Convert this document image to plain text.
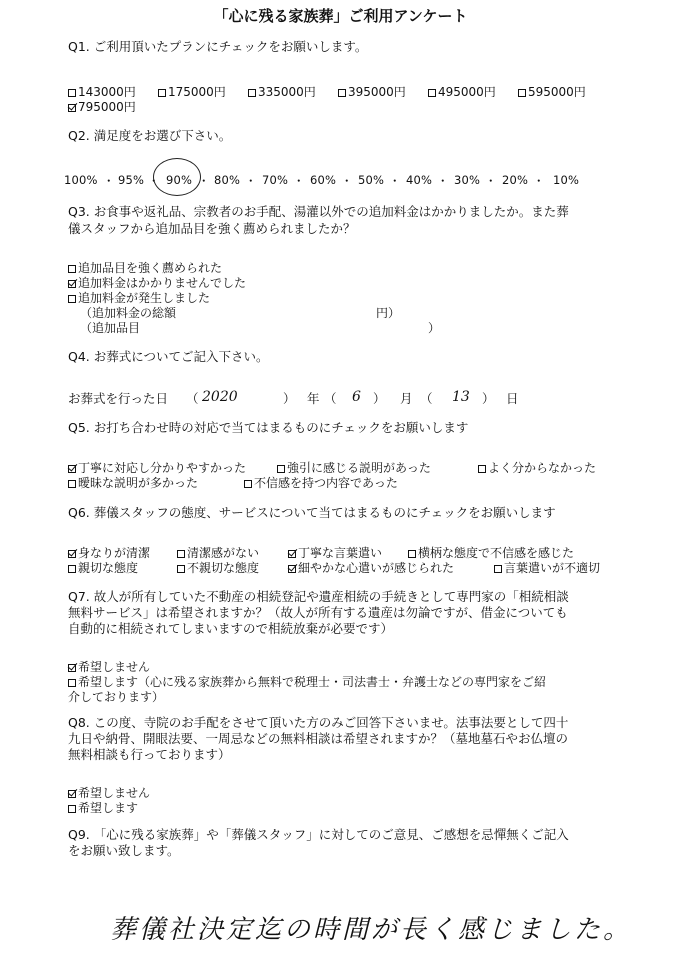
「心に残る家族葬」ご利用アンケート
Q1. ご利用頂いたプランにチェックをお願いします。
143000円	175000円	335000円	395000円	495000円	595000円
795000円
Q2. 満足度をお選び下さい。
100% ・ 95% ・ 90% ・ 80% ・ 70% ・ 60% ・ 50% ・ 40% ・ 30% ・ 20% ・ 10%
Q3. お食事や返礼品、宗教者のお手配、湯灌以外での追加料金はかかりましたか。また葬
儀スタッフから追加品目を強く薦められましたか？
追加品目を強く薦められた
追加料金はかかりませんでした
追加料金が発生しました
（追加料金の総額	円）
（追加品目	）
Q4. お葬式についてご記入下さい。
お葬式を行った日 （ 2020	） 年 （ 6 ） 月 （ 13 ） 日
Q5. お打ち合わせ時の対応で当てはまるものにチェックをお願いします
丁寧に対応し分かりやすかった	強引に感じる説明があった	よく分からなかった
曖昧な説明が多かった	不信感を持つ内容であった
Q6. 葬儀スタッフの態度、サービスについて当てはまるものにチェックをお願いします
身なりが清潔	清潔感がない	丁寧な言葉遣い	横柄な態度で不信感を感じた
親切な態度	不親切な態度	細やかな心遣いが感じられた	言葉遣いが不適切
Q7. 故人が所有していた不動産の相続登記や遺産相続の手続きとして専門家の「相続相談
無料サービス」は希望されますか？（故人が所有する遺産は勿論ですが、借金についても
自動的に相続されてしまいますので相続放棄が必要です）
希望しません
希望します（心に残る家族葬から無料で税理士・司法書士・弁護士などの専門家をご紹
介しております）
Q8. この度、寺院のお手配をさせて頂いた方のみご回答下さいませ。法事法要として四十
九日や納骨、開眼法要、一周忌などの無料相談は希望されますか？（墓地墓石やお仏壇の
無料相談も行っております）
希望しません
希望します
Q9. 「心に残る家族葬」や「葬儀スタッフ」に対してのご意見、ご感想を忌憚無くご記入
をお願い致します。
葬儀社決定迄の時間が長く感じました。
